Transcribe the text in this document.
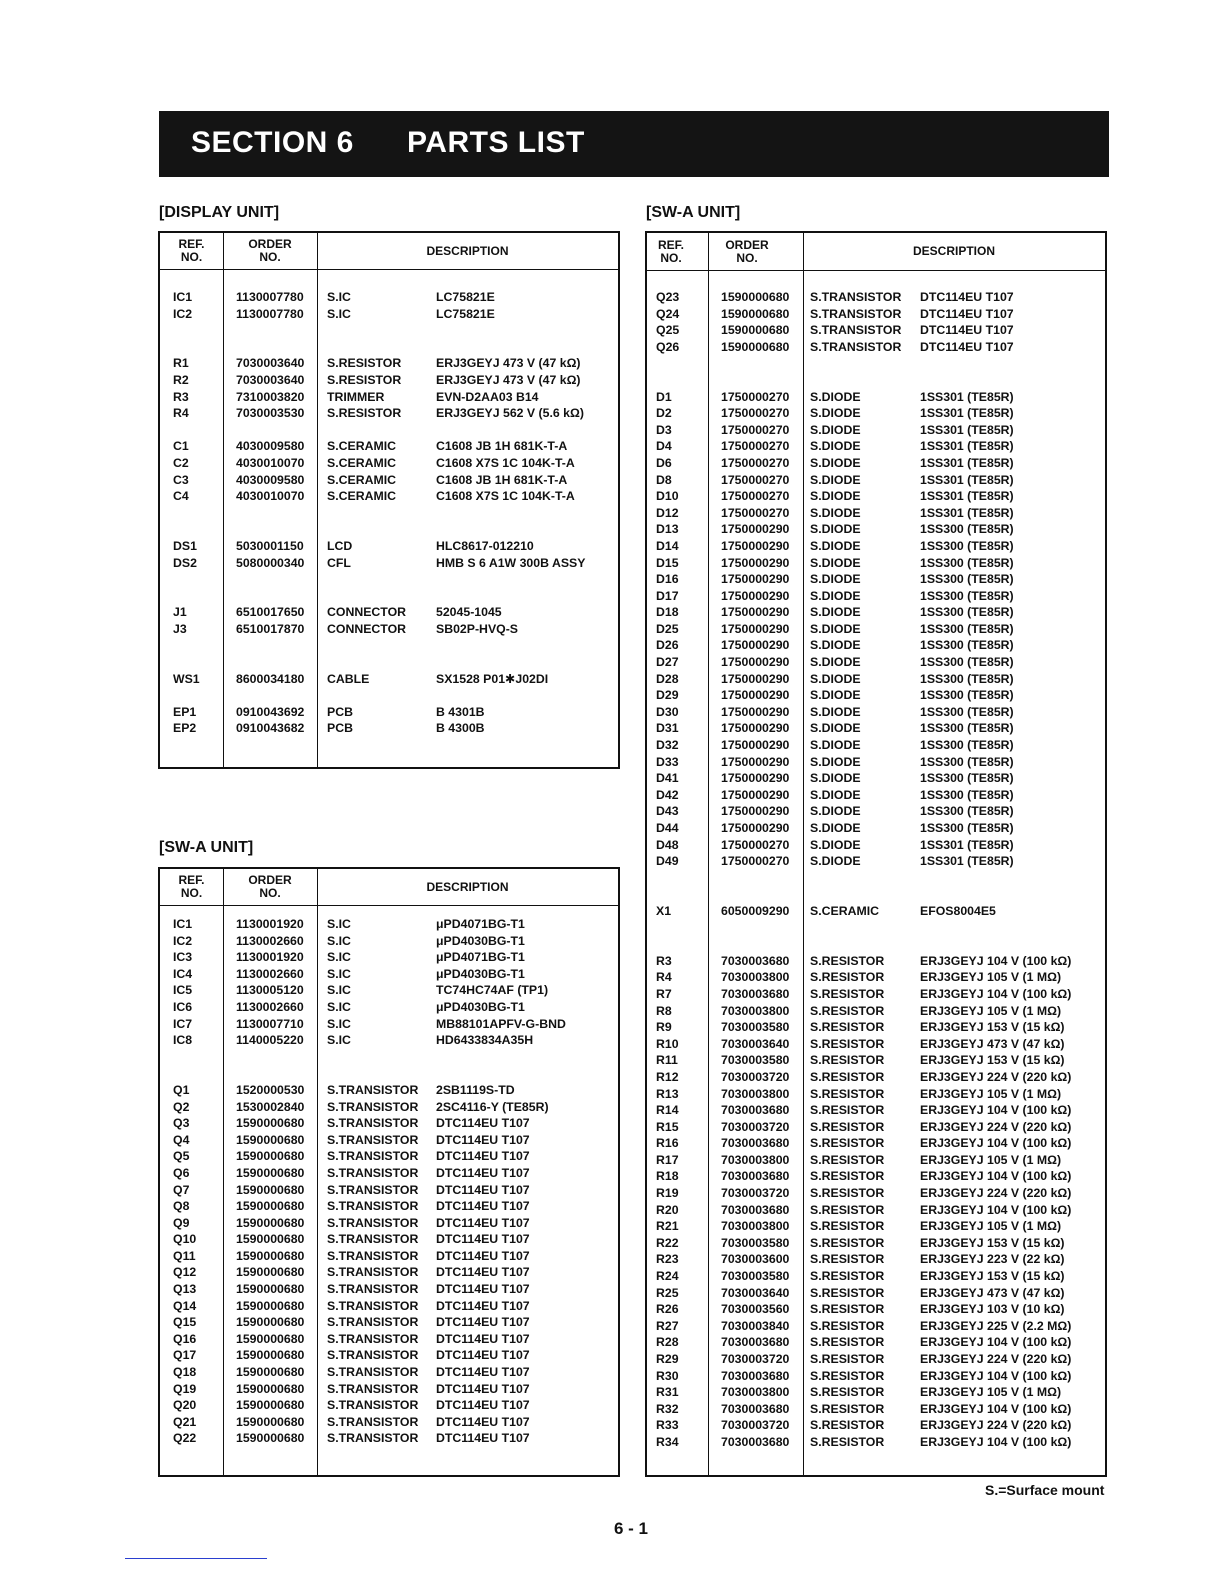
SECTION 6 PARTS LIST
[DISPLAY UNIT]
REF.
NO.
ORDER
NO.	DESCRIPTION
IC1	1130007780 S.IC	LC75821E
IC2	1130007780 S.IC	LC75821E
R1	7030003640 S.RESISTOR	ERJ3GEYJ 473 V (47 kΩ)
R2	7030003640 S.RESISTOR	ERJ3GEYJ 473 V (47 kΩ)
R3	7310003820 TRIMMER	EVN-D2AA03 B14
R4	7030003530 S.RESISTOR	ERJ3GEYJ 562 V (5.6 kΩ)
C1	4030009580 S.CERAMIC	C1608 JB 1H 681K-T-A
C2	4030010070 S.CERAMIC	C1608 X7S 1C 104K-T-A
C3	4030009580 S.CERAMIC	C1608 JB 1H 681K-T-A
C4	4030010070 S.CERAMIC	C1608 X7S 1C 104K-T-A
DS1	5030001150 LCD	HLC8617-012210
DS2	5080000340 CFL	HMB S 6 A1W 300B ASSY
J1	6510017650 CONNECTOR 52045-1045
J3	6510017870 CONNECTOR SB02P-HVQ-S
WS1	8600034180 CABLE	SX1528 P01✱J02DI
EP1	0910043692 PCB	B 4301B
EP2	0910043682 PCB	B 4300B
[SW-A UNIT]
REF.
NO.
ORDER
NO.	DESCRIPTION
IC1	1130001920 S.IC	μPD4071BG-T1
IC2	1130002660 S.IC	μPD4030BG-T1
IC3	1130001920 S.IC	μPD4071BG-T1
IC4	1130002660 S.IC	μPD4030BG-T1
IC5	1130005120 S.IC	TC74HC74AF (TP1)
IC6	1130002660 S.IC	μPD4030BG-T1
IC7	1130007710 S.IC	MB88101APFV-G-BND
IC8	1140005220 S.IC	HD6433834A35H
Q1	1520000530 S.TRANSISTOR 2SB1119S-TD
Q2	1530002840 S.TRANSISTOR 2SC4116-Y (TE85R)
Q3	1590000680 S.TRANSISTOR DTC114EU T107
Q4	1590000680 S.TRANSISTOR DTC114EU T107
Q5	1590000680 S.TRANSISTOR DTC114EU T107
Q6	1590000680 S.TRANSISTOR DTC114EU T107
Q7	1590000680 S.TRANSISTOR DTC114EU T107
Q8	1590000680 S.TRANSISTOR DTC114EU T107
Q9	1590000680 S.TRANSISTOR DTC114EU T107
Q10	1590000680 S.TRANSISTOR DTC114EU T107
Q11	1590000680 S.TRANSISTOR DTC114EU T107
Q12	1590000680 S.TRANSISTOR DTC114EU T107
Q13	1590000680 S.TRANSISTOR DTC114EU T107
Q14	1590000680 S.TRANSISTOR DTC114EU T107
Q15	1590000680 S.TRANSISTOR DTC114EU T107
Q16	1590000680 S.TRANSISTOR DTC114EU T107
Q17	1590000680 S.TRANSISTOR DTC114EU T107
Q18	1590000680 S.TRANSISTOR DTC114EU T107
Q19	1590000680 S.TRANSISTOR DTC114EU T107
Q20	1590000680 S.TRANSISTOR DTC114EU T107
Q21	1590000680 S.TRANSISTOR DTC114EU T107
Q22	1590000680 S.TRANSISTOR DTC114EU T107
[SW-A UNIT]
REF.
NO.
ORDER
NO.	DESCRIPTION
Q23	1590000680 S.TRANSISTOR DTC114EU T107
Q24	1590000680 S.TRANSISTOR DTC114EU T107
Q25	1590000680 S.TRANSISTOR DTC114EU T107
Q26	1590000680 S.TRANSISTOR DTC114EU T107
D1	1750000270 S.DIODE	1SS301 (TE85R)
D2	1750000270 S.DIODE	1SS301 (TE85R)
D3	1750000270 S.DIODE	1SS301 (TE85R)
D4	1750000270 S.DIODE	1SS301 (TE85R)
D6	1750000270 S.DIODE	1SS301 (TE85R)
D8	1750000270 S.DIODE	1SS301 (TE85R)
D10	1750000270 S.DIODE	1SS301 (TE85R)
D12	1750000270 S.DIODE	1SS301 (TE85R)
D13	1750000290 S.DIODE	1SS300 (TE85R)
D14	1750000290 S.DIODE	1SS300 (TE85R)
D15	1750000290 S.DIODE	1SS300 (TE85R)
D16	1750000290 S.DIODE	1SS300 (TE85R)
D17	1750000290 S.DIODE	1SS300 (TE85R)
D18	1750000290 S.DIODE	1SS300 (TE85R)
D25	1750000290 S.DIODE	1SS300 (TE85R)
D26	1750000290 S.DIODE	1SS300 (TE85R)
D27	1750000290 S.DIODE	1SS300 (TE85R)
D28	1750000290 S.DIODE	1SS300 (TE85R)
D29	1750000290 S.DIODE	1SS300 (TE85R)
D30	1750000290 S.DIODE	1SS300 (TE85R)
D31	1750000290 S.DIODE	1SS300 (TE85R)
D32	1750000290 S.DIODE	1SS300 (TE85R)
D33	1750000290 S.DIODE	1SS300 (TE85R)
D41	1750000290 S.DIODE	1SS300 (TE85R)
D42	1750000290 S.DIODE	1SS300 (TE85R)
D43	1750000290 S.DIODE	1SS300 (TE85R)
D44	1750000290 S.DIODE	1SS300 (TE85R)
D48	1750000270 S.DIODE	1SS301 (TE85R)
D49	1750000270 S.DIODE	1SS301 (TE85R)
X1	6050009290 S.CERAMIC	EFOS8004E5
R3	7030003680 S.RESISTOR	ERJ3GEYJ 104 V (100 kΩ)
R4	7030003800 S.RESISTOR	ERJ3GEYJ 105 V (1 MΩ)
R7	7030003680 S.RESISTOR	ERJ3GEYJ 104 V (100 kΩ)
R8	7030003800 S.RESISTOR	ERJ3GEYJ 105 V (1 MΩ)
R9	7030003580 S.RESISTOR	ERJ3GEYJ 153 V (15 kΩ)
R10	7030003640 S.RESISTOR	ERJ3GEYJ 473 V (47 kΩ)
R11	7030003580 S.RESISTOR	ERJ3GEYJ 153 V (15 kΩ)
R12	7030003720 S.RESISTOR	ERJ3GEYJ 224 V (220 kΩ)
R13	7030003800 S.RESISTOR	ERJ3GEYJ 105 V (1 MΩ)
R14	7030003680 S.RESISTOR	ERJ3GEYJ 104 V (100 kΩ)
R15	7030003720 S.RESISTOR	ERJ3GEYJ 224 V (220 kΩ)
R16	7030003680 S.RESISTOR	ERJ3GEYJ 104 V (100 kΩ)
R17	7030003800 S.RESISTOR	ERJ3GEYJ 105 V (1 MΩ)
R18	7030003680 S.RESISTOR	ERJ3GEYJ 104 V (100 kΩ)
R19	7030003720 S.RESISTOR	ERJ3GEYJ 224 V (220 kΩ)
R20	7030003680 S.RESISTOR	ERJ3GEYJ 104 V (100 kΩ)
R21	7030003800 S.RESISTOR	ERJ3GEYJ 105 V (1 MΩ)
R22	7030003580 S.RESISTOR	ERJ3GEYJ 153 V (15 kΩ)
R23	7030003600 S.RESISTOR	ERJ3GEYJ 223 V (22 kΩ)
R24	7030003580 S.RESISTOR	ERJ3GEYJ 153 V (15 kΩ)
R25	7030003640 S.RESISTOR	ERJ3GEYJ 473 V (47 kΩ)
R26	7030003560 S.RESISTOR	ERJ3GEYJ 103 V (10 kΩ)
R27	7030003840 S.RESISTOR	ERJ3GEYJ 225 V (2.2 MΩ)
R28	7030003680 S.RESISTOR	ERJ3GEYJ 104 V (100 kΩ)
R29	7030003720 S.RESISTOR	ERJ3GEYJ 224 V (220 kΩ)
R30	7030003680 S.RESISTOR	ERJ3GEYJ 104 V (100 kΩ)
R31	7030003800 S.RESISTOR	ERJ3GEYJ 105 V (1 MΩ)
R32	7030003680 S.RESISTOR	ERJ3GEYJ 104 V (100 kΩ)
R33	7030003720 S.RESISTOR	ERJ3GEYJ 224 V (220 kΩ)
R34	7030003680 S.RESISTOR	ERJ3GEYJ 104 V (100 kΩ)
S.=Surface mount
6 - 1
